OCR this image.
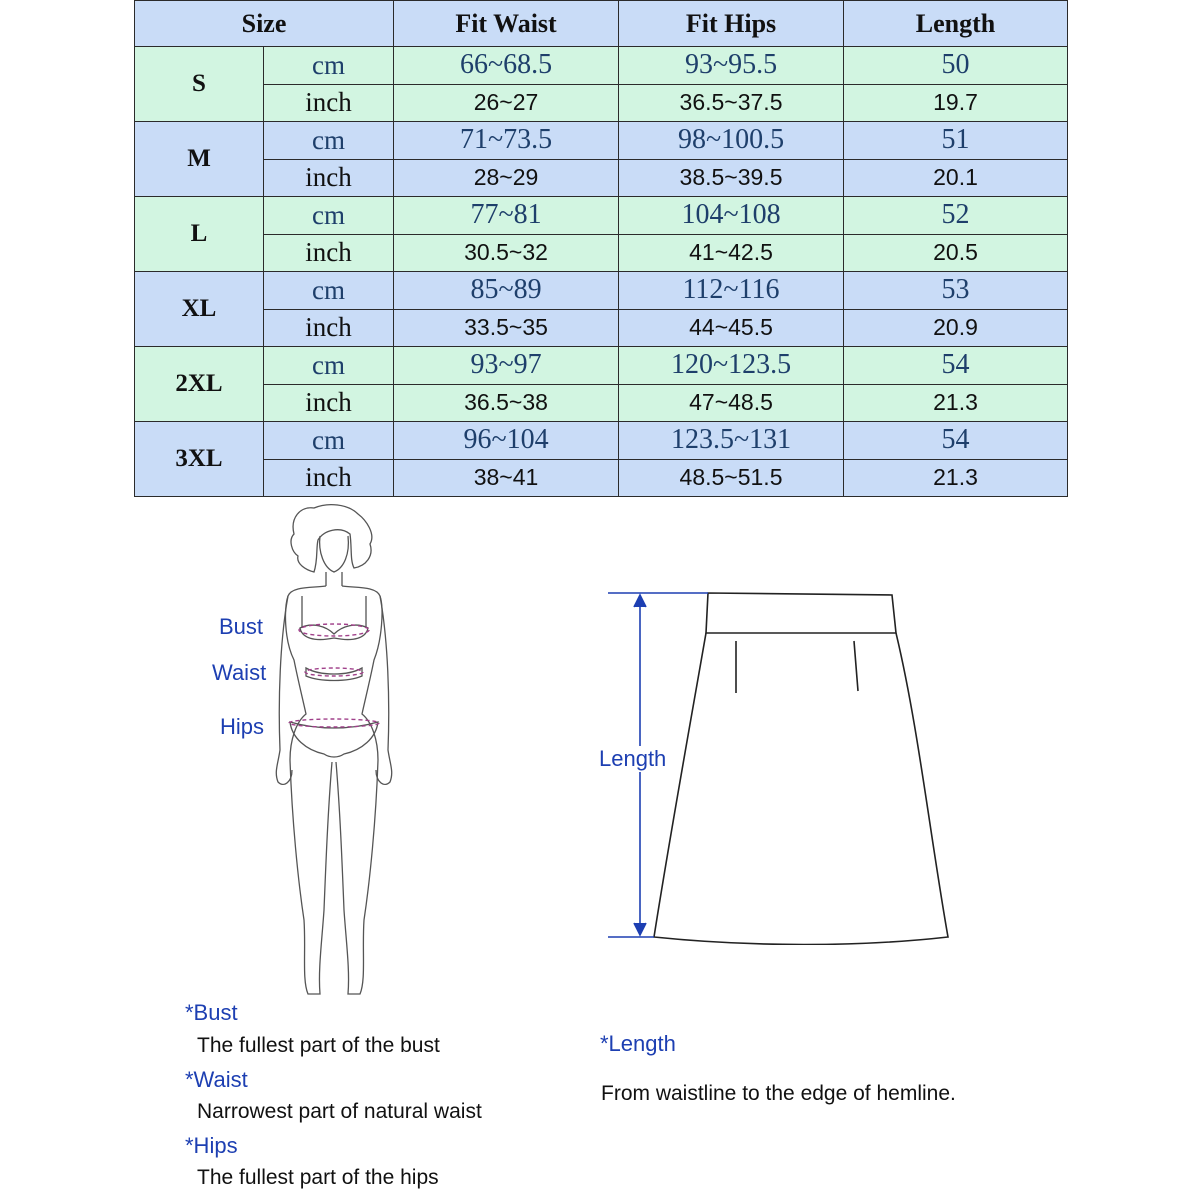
Size		Fit Waist	Fit Hips	Length
S	cm	66~68.5	93~95.5	50
	inch	26~27	36.5~37.5	19.7
M	cm	71~73.5	98~100.5	51
	inch	28~29	38.5~39.5	20.1
L	cm	77~81	104~108	52
	inch	30.5~32	41~42.5	20.5
XL	cm	85~89	112~116	53
	inch	33.5~35	44~45.5	20.9
2XL	cm	93~97	120~123.5	54
	inch	36.5~38	47~48.5	21.3
3XL	cm	96~104	123.5~131	54
	inch	38~41	48.5~51.5	21.3
Bust
Waist
Hips
Length
*Bust
The fullest part of the bust
*Waist
Narrowest part of natural waist
*Hips
The fullest part of the hips
*Length
From waistline to the edge of hemline.
